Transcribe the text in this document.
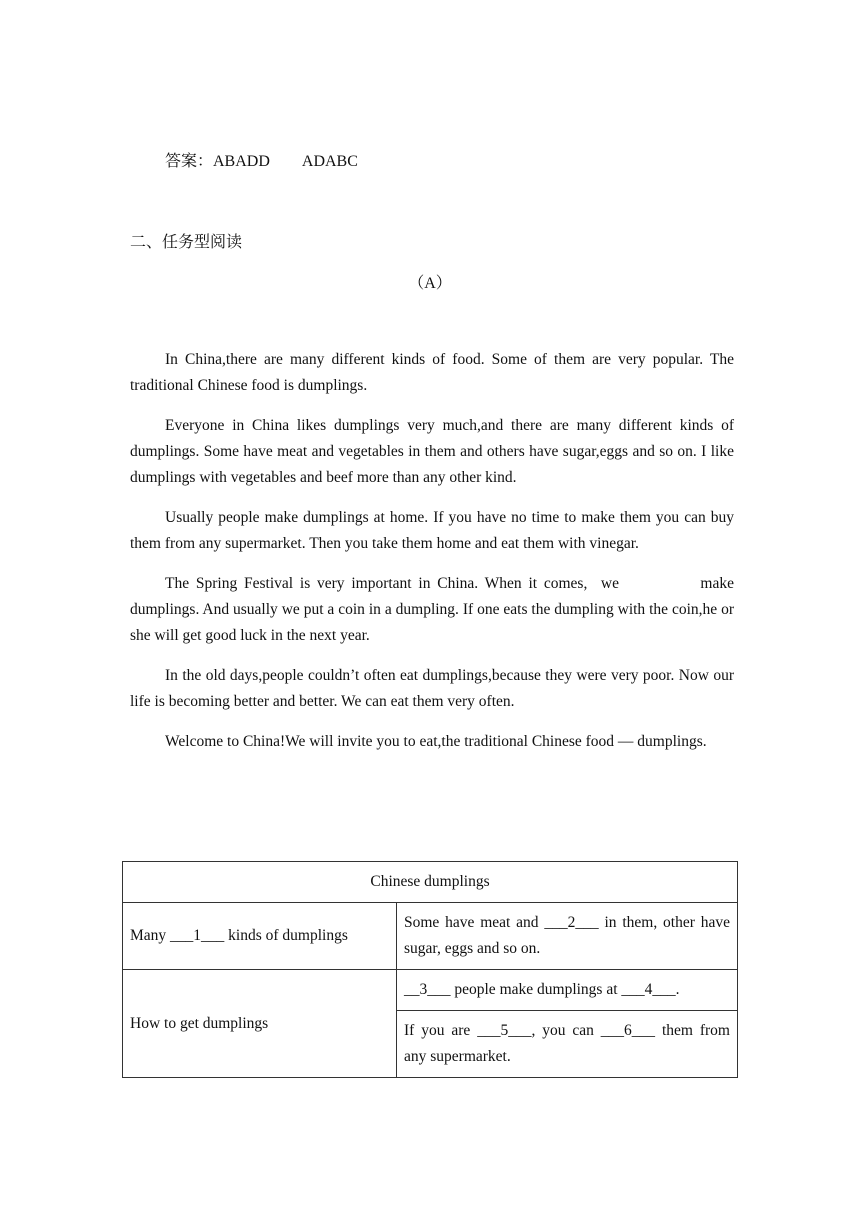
答案：ABADD　　ADABC
二、任务型阅读
（A）

In China,there are many different kinds of food. Some of them are very popular. The traditional Chinese food is dumplings.

Everyone in China likes dumplings very much,and there are many different kinds of dumplings. Some have meat and vegetables in them and others have sugar,eggs and so on. I like dumplings with vegetables and beef more than any other kind.

Usually people make dumplings at home. If you have no time to make them you can buy them from any supermarket. Then you take them home and eat them with vinegar.

The Spring Festival is very important in China. When it comes,  we            make dumplings. And usually we put a coin in a dumpling. If one eats the dumpling with the coin,he or she will get good luck in the next year.

In the old days,people couldn’t often eat dumplings,because they were very poor. Now our life is becoming better and better. We can eat them very often.

Welcome to China!We will invite you to eat,the traditional Chinese food — dumplings.

Chinese dumplings	
Many ___1___ kinds of dumplings	Some have meat and ___2___ in them, other have sugar, eggs and so on.
How to get dumplings	__3___ people make dumplings at ___4___.
	If you are ___5___, you can ___6___ them from any supermarket.
